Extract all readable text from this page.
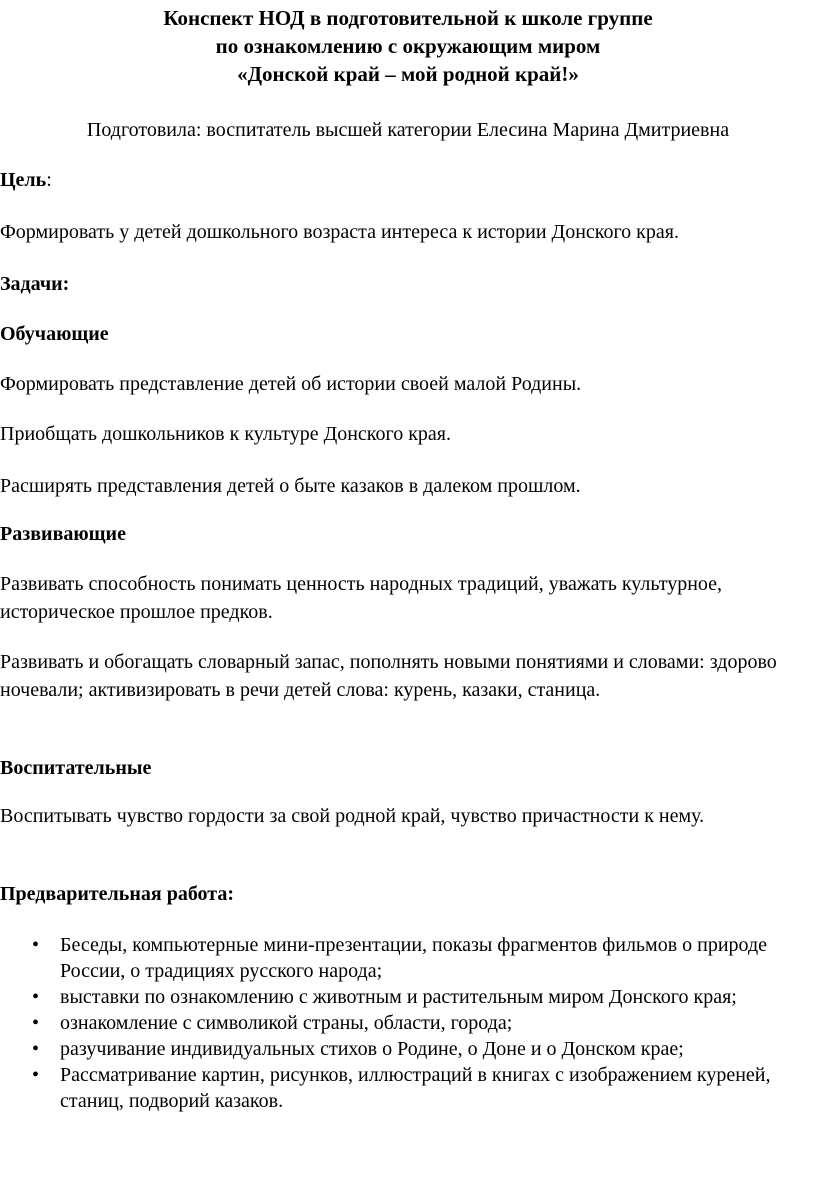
Конспект НОД в подготовительной к школе группе
по ознакомлению с окружающим миром
«Донской край – мой родной край!»

Подготовила: воспитатель высшей категории Елесина Марина Дмитриевна

Цель:

Формировать у детей дошкольного возраста интереса к истории Донского края.

Задачи:

Обучающие

Формировать представление детей об истории своей малой Родины.

Приобщать дошкольников к культуре Донского края.

Расширять представления детей о быте казаков в далеком прошлом.

Развивающие

Развивать способность понимать ценность народных традиций, уважать культурное, историческое прошлое предков.

Развивать и обогащать словарный запас, пополнять новыми понятиями и словами: здорово ночевали; активизировать в речи детей слова: курень, казаки, станица.

Воспитательные

Воспитывать чувство гордости за свой родной край, чувство причастности к нему.

Предварительная работа:

• Беседы, компьютерные мини-презентации, показы фрагментов фильмов о природе России, о традициях русского народа;
• выставки по ознакомлению с животным и растительным миром Донского края;
• ознакомление с символикой страны, области, города;
• разучивание индивидуальных стихов о Родине, о Доне и о Донском крае;
• Рассматривание картин, рисунков, иллюстраций в книгах с изображением куреней, станиц, подворий казаков.
